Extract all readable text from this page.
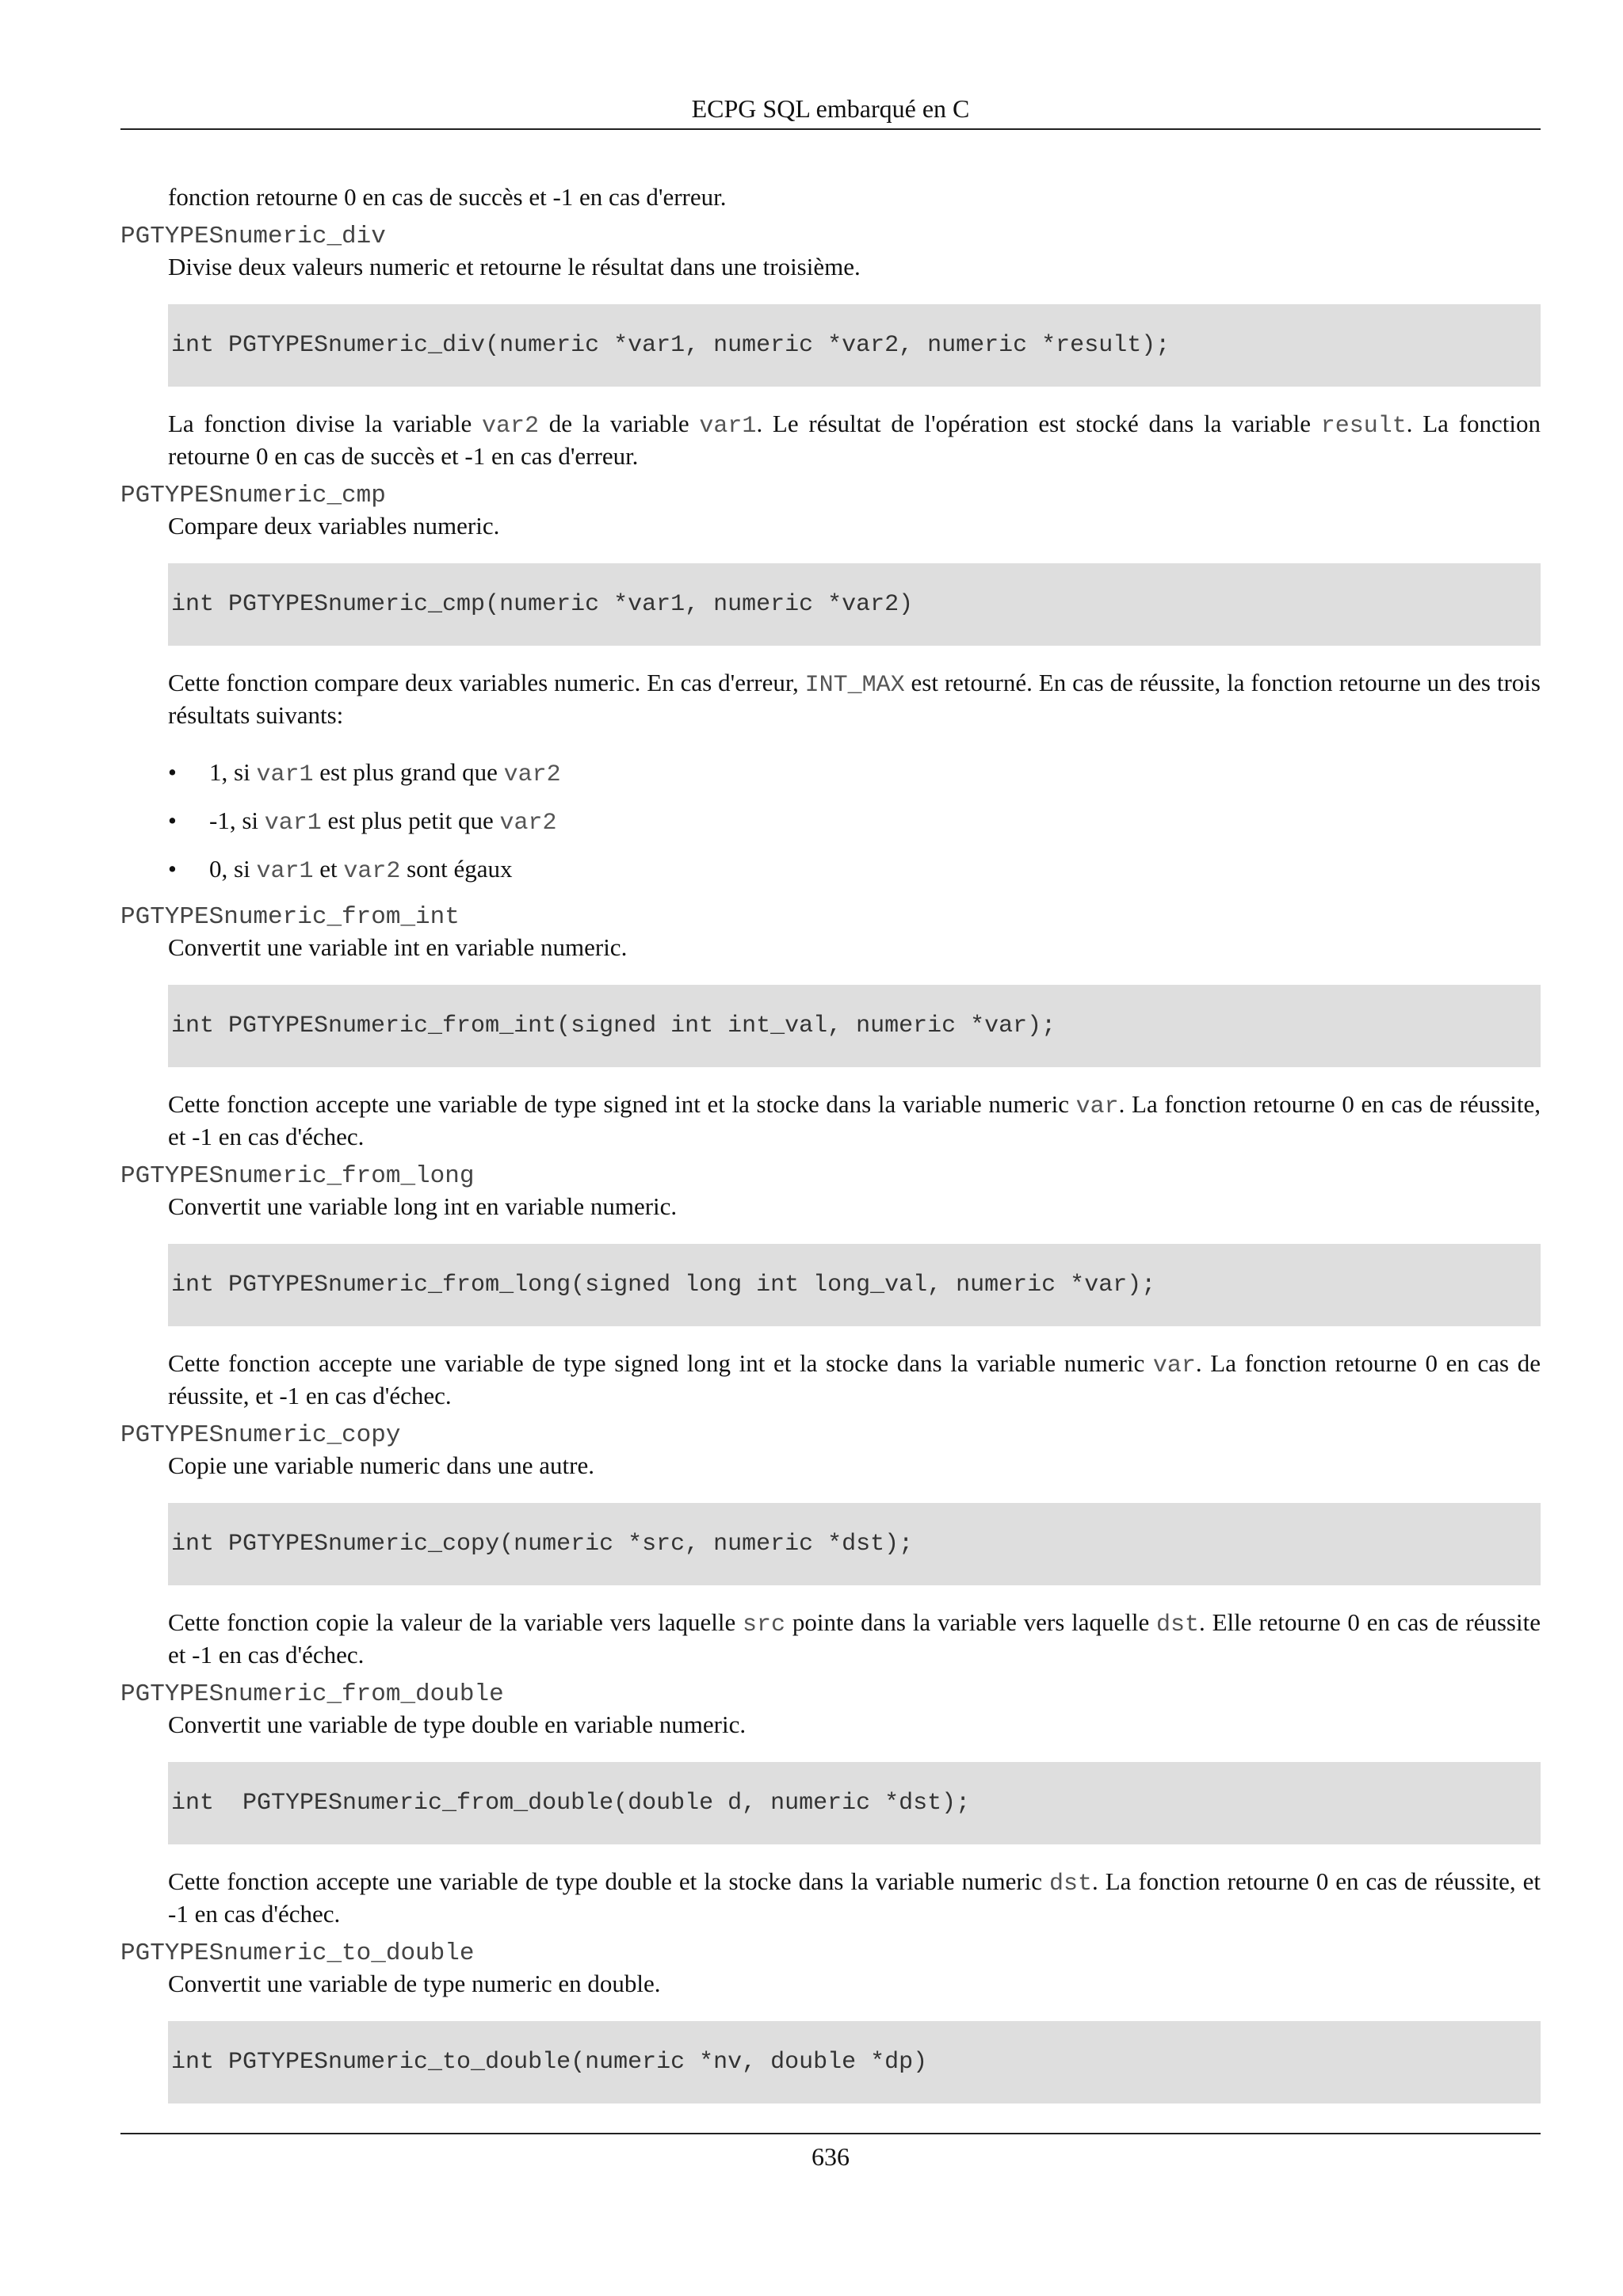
ECPG SQL embarqué en C

fonction retourne 0 en cas de succès et -1 en cas d'erreur.

PGTYPESnumeric_div
Divise deux valeurs numeric et retourne le résultat dans une troisième.
int PGTYPESnumeric_div(numeric *var1, numeric *var2, numeric *result);

La fonction divise la variable var2 de la variable var1. Le résultat de l'opération est stocké dans la variable result. La fonction retourne 0 en cas de succès et -1 en cas d'erreur.

PGTYPESnumeric_cmp
Compare deux variables numeric.
int PGTYPESnumeric_cmp(numeric *var1, numeric *var2)

Cette fonction compare deux variables numeric. En cas d'erreur, INT_MAX est retourné. En cas de réussite, la fonction retourne un des trois résultats suivants:

• 1, si var1 est plus grand que var2
• -1, si var1 est plus petit que var2
• 0, si var1 et var2 sont égaux
PGTYPESnumeric_from_int
Convertit une variable int en variable numeric.
int PGTYPESnumeric_from_int(signed int int_val, numeric *var);

Cette fonction accepte une variable de type signed int et la stocke dans la variable numeric var. La fonction retourne 0 en cas de réussite, et -1 en cas d'échec.

PGTYPESnumeric_from_long
Convertit une variable long int en variable numeric.
int PGTYPESnumeric_from_long(signed long int long_val, numeric *var);

Cette fonction accepte une variable de type signed long int et la stocke dans la variable numeric var. La fonction retourne 0 en cas de réussite, et -1 en cas d'échec.

PGTYPESnumeric_copy
Copie une variable numeric dans une autre.
int PGTYPESnumeric_copy(numeric *src, numeric *dst);

Cette fonction copie la valeur de la variable vers laquelle src pointe dans la variable vers laquelle dst. Elle retourne 0 en cas de réussite et -1 en cas d'échec.

PGTYPESnumeric_from_double
Convertit une variable de type double en variable numeric.
int  PGTYPESnumeric_from_double(double d, numeric *dst);

Cette fonction accepte une variable de type double et la stocke dans la variable numeric dst. La fonction retourne 0 en cas de réussite, et -1 en cas d'échec.

PGTYPESnumeric_to_double
Convertit une variable de type numeric en double.
int PGTYPESnumeric_to_double(numeric *nv, double *dp)
636
